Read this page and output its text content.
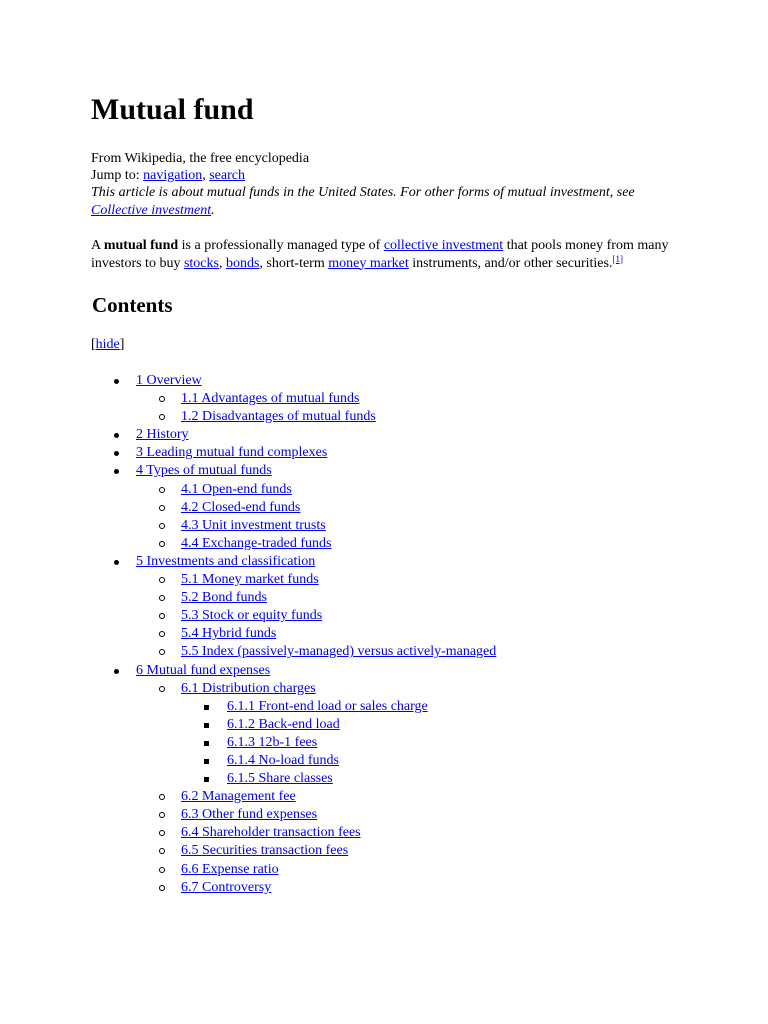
Mutual fund

From Wikipedia, the free encyclopedia

Jump to: navigation, search

This article is about mutual funds in the United States. For other forms of mutual investment, see Collective investment.

A mutual fund is a professionally managed type of collective investment that pools money from many investors to buy stocks, bonds, short-term money market instruments, and/or other securities.[1]

Contents

[hide]

1 Overview
1.1 Advantages of mutual funds
1.2 Disadvantages of mutual funds
2 History
3 Leading mutual fund complexes
4 Types of mutual funds
4.1 Open-end funds
4.2 Closed-end funds
4.3 Unit investment trusts
4.4 Exchange-traded funds
5 Investments and classification
5.1 Money market funds
5.2 Bond funds
5.3 Stock or equity funds
5.4 Hybrid funds
5.5 Index (passively-managed) versus actively-managed
6 Mutual fund expenses
6.1 Distribution charges
6.1.1 Front-end load or sales charge
6.1.2 Back-end load
6.1.3 12b-1 fees
6.1.4 No-load funds
6.1.5 Share classes
6.2 Management fee
6.3 Other fund expenses
6.4 Shareholder transaction fees
6.5 Securities transaction fees
6.6 Expense ratio
6.7 Controversy
